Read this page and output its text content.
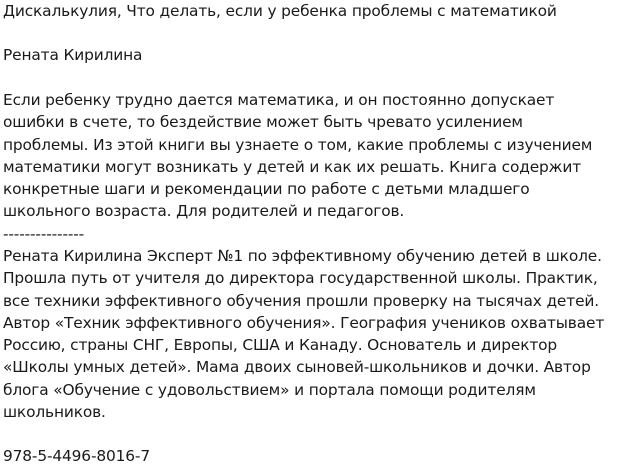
Дискалькулия, Что делать, если у ребенка проблемы с математикой
Рената Кирилина
Если ребенку трудно дается математика, и он постоянно допускает
ошибки в счете, то бездействие может быть чревато усилением
проблемы. Из этой книги вы узнаете о том, какие проблемы с изучением
математики могут возникать у детей и как их решать. Книга содержит
конкретные шаги и рекомендации по работе с детьми младшего
школьного возраста. Для родителей и педагогов.
---------------
Рената Кирилина Эксперт №1 по эффективному обучению детей в школе.
Прошла путь от учителя до директора государственной школы. Практик,
все техники эффективного обучения прошли проверку на тысячах детей.
Автор «Техник эффективного обучения». География учеников охватывает
Россию, страны СНГ, Европы, США и Канаду. Основатель и директор
«Школы умных детей». Мама двоих сыновей-школьников и дочки. Автор
блога «Обучение с удовольствием» и портала помощи родителям
школьников.
978-5-4496-8016-7
